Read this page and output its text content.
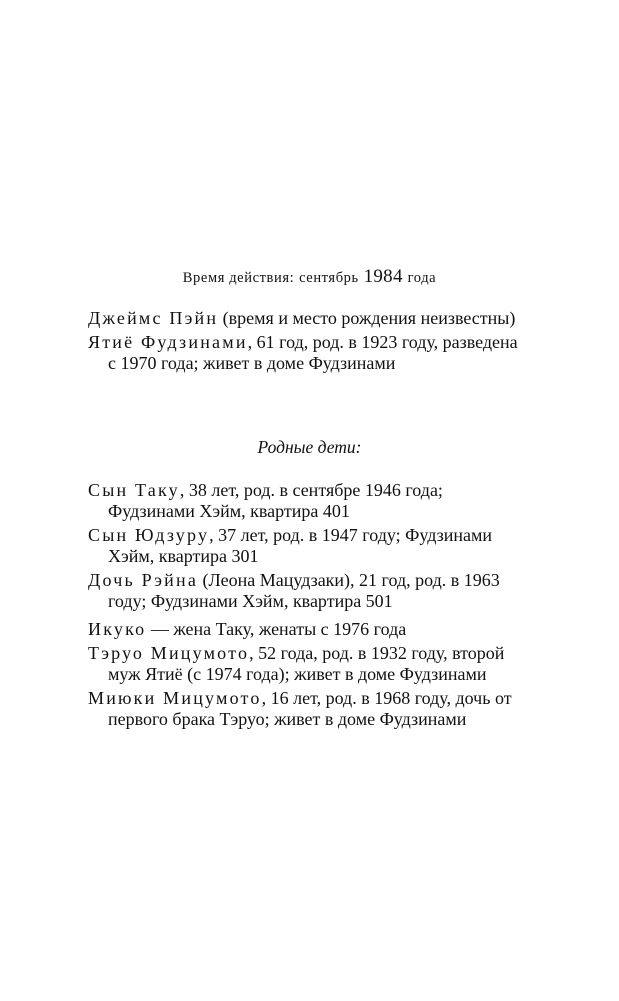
Время действия: сентябрь 1984 года

Джеймс Пэйн (время и место рождения неизвестны)

Ятиё Фудзинами, 61 год, род. в 1923 году, разведена с 1970 года; живет в доме Фудзинами

Родные дети:

Сын Таку, 38 лет, род. в сентябре 1946 года; Фудзинами Хэйм, квартира 401

Сын Юдзуру, 37 лет, род. в 1947 году; Фудзинами Хэйм, квартира 301

Дочь Рэйна (Леона Мацудзаки), 21 год, род. в 1963 году; Фудзинами Хэйм, квартира 501

Икуко — жена Таку, женаты с 1976 года

Тэруо Мицумото, 52 года, род. в 1932 году, второй муж Ятиё (с 1974 года); живет в доме Фудзинами

Миюки Мицумото, 16 лет, род. в 1968 году, дочь от первого брака Тэруо; живет в доме Фудзинами
